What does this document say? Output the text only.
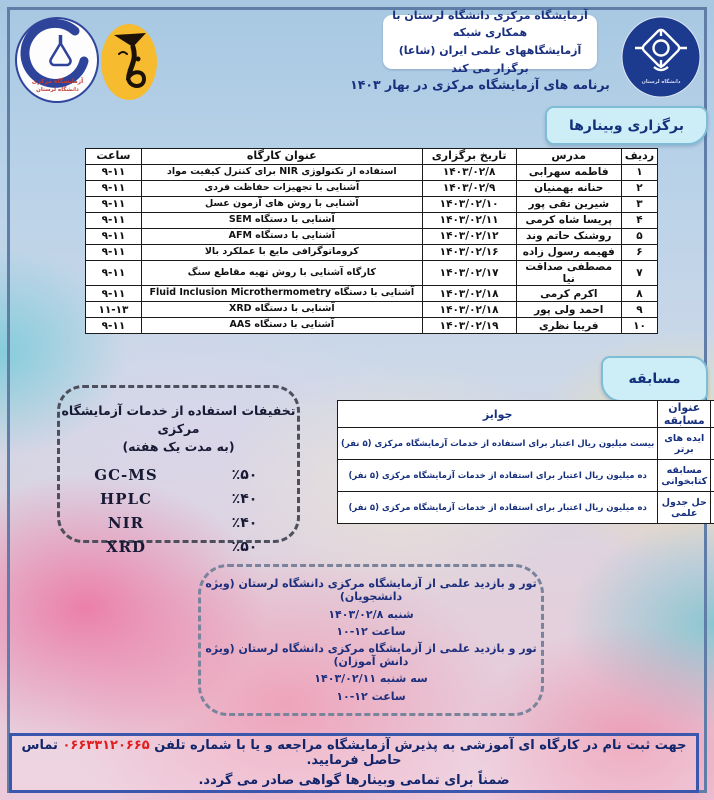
دانشگاه لرستان
آزمایشگاه مرکزی دانشگاه لرستان با همکاری شبکه
آزمایشگاههای علمی ایران (شاعا) برگزار می کند
برنامه های آزمایشگاه مرکزی در بهار ۱۴۰۳
آزمایشگاه مرکزی
دانشگاه لرستان
برگزاری وبینارها
ردیف	مدرس	تاریخ برگزاری	عنوان کارگاه	ساعت
۱	فاطمه سهرابی	۱۴۰۳/۰۲/۸	استفاده از تکنولوژی NIR برای کنترل کیفیت مواد	۹-۱۱
۲	حنانه بهمنیان	۱۴۰۳/۰۲/۹	آشنایی با تجهیزات حفاظت فردی	۹-۱۱
۳	شیرین تقی پور	۱۴۰۳/۰۲/۱۰	آشنایی با روش های آزمون عسل	۹-۱۱
۴	پریسا شاه کرمی	۱۴۰۳/۰۲/۱۱	آشنایی با دستگاه SEM	۹-۱۱
۵	روشنک حاتم وند	۱۴۰۳/۰۲/۱۲	آشنایی با دستگاه AFM	۹-۱۱
۶	فهیمه رسول زاده	۱۴۰۳/۰۲/۱۶	کروماتوگرافی مایع با عملکرد بالا	۹-۱۱
۷	مصطفی صداقت نیا	۱۴۰۳/۰۲/۱۷	کارگاه آشنایی با روش تهیه مقاطع سنگ	۹-۱۱
۸	اکرم کرمی	۱۴۰۳/۰۲/۱۸	آشنایی با دستگاه Fluid Inclusion Microthermometry	۹-۱۱
۹	احمد ولی پور	۱۴۰۳/۰۲/۱۸	آشنایی با دستگاه XRD	۱۱-۱۳
۱۰	فریبا نظری	۱۴۰۳/۰۲/۱۹	آشنایی با دستگاه AAS	۹-۱۱
مسابقه
	عنوان مسابقه	جوایز
	ایده های برتر	بیست میلیون ریال اعتبار برای استفاده از خدمات آزمایشگاه مرکزی (۵ نفر)
	مسابقه کتابخوانی	ده میلیون ریال اعتبار برای استفاده از خدمات آزمایشگاه مرکزی (۵ نفر)
	حل جدول علمی	ده میلیون ریال اعتبار برای استفاده از خدمات آزمایشگاه مرکزی (۵ نفر)
تخفیفات استفاده از خدمات آزمایشگاه مرکزی
(به مدت یک هفته)
٪۵۰
GC-MS
٪۴۰
HPLC
٪۴۰
NIR
٪۵۰
XRD
تور و بازدید علمی از آزمایشگاه مرکزی دانشگاه لرستان (ویژه دانشجویان)
شنبه ۱۴۰۳/۰۲/۸
ساعت ۱۰-۱۲
تور و بازدید علمی از آزمایشگاه مرکزی دانشگاه لرستان (ویژه دانش آموزان)
سه شنبه ۱۴۰۳/۰۲/۱۱
ساعت ۱۰-۱۲
جهت ثبت نام در کارگاه ای آموزشی به پذیرش آزمایشگاه مراجعه و یا با شماره تلفن ۰۶۶۳۳۱۲۰۶۶۵ تماس حاصل فرمایید.
ضمناً برای تمامی وبینارها گواهی صادر می گردد.
